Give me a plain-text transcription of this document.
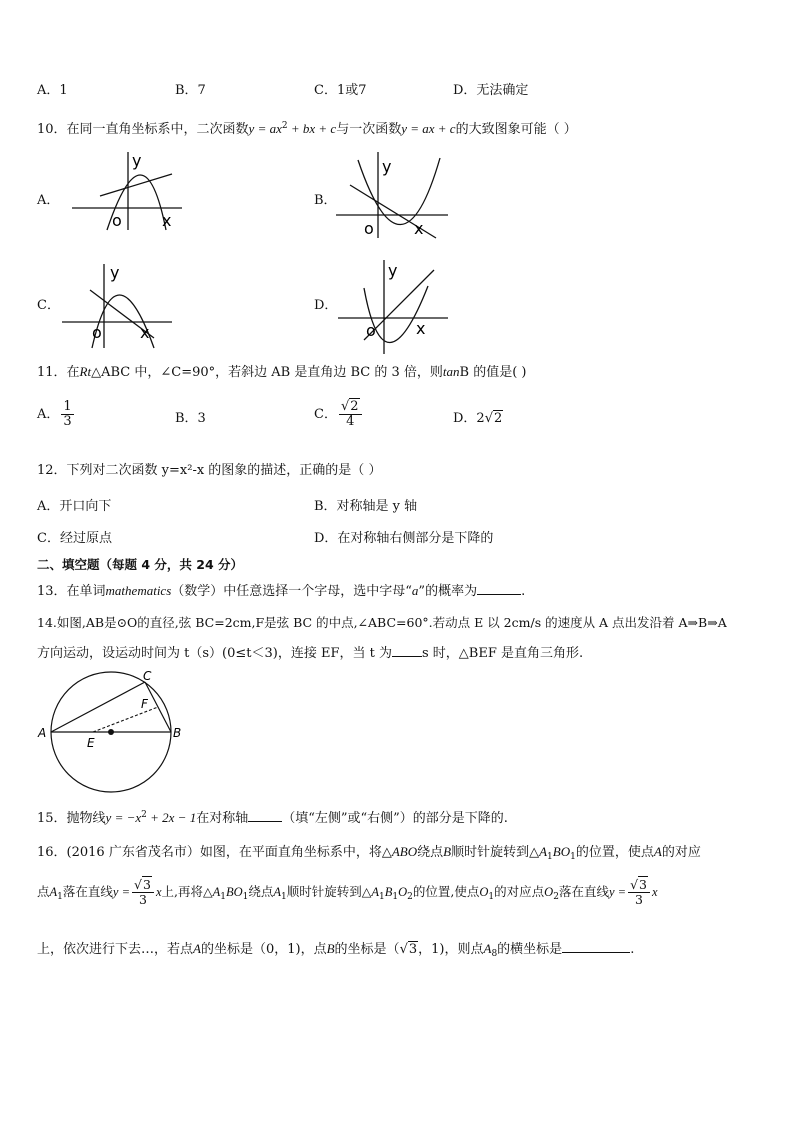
A．1	B．7	C．1或7	D．无法确定
10．在同一直角坐标系中，二次函数$y = ax^2$ + bx + c与一次函数y = ax + c的大致图象可能（ ）
A．	B．
C．	D．
y
o	x
y
o	x
y
o x
y
o	x
11．在Rt△ABC 中，∠C=90°，若斜边 AB 是直角边 BC 的 3 倍，则tanB 的值是( )
A． $\frac{1}{3}$	B．3	C． $\frac{√2}{4}$	D．2√2
12．下列对二次函数 y=x²-x 的图象的描述，正确的是（ ）
A．开口向下	B．对称轴是 y 轴
C．经过原点	D．在对称轴右侧部分是下降的
二、填空题（每题 4 分，共 24 分）
13．在单词mathematics（数学）中任意选择一个字母，选中字母“a”的概率为	.
14.如图,AB是⊙O的直径,弦 BC=2cm,F是弦 BC 的中点,∠ABC=60°.若动点 E 以 2cm/s 的速度从 A 点出发沿着 A⇒B⇒A
方向运动，设运动时间为 t（s）(0≤t＜3)，连接 EF，当 t 为 s 时，△BEF 是直角三角形.
A	B
C
E
F
15．抛物线$y = -x^2 + 2x - 1$在对称轴	（填“左侧”或“右侧”）的部分是下降的.
16．(2016 广东省茂名市）如图，在平面直角坐标系中，将△ABO绕点B顺时针旋转到$\triangle A_1BO_1$的位置，使点A的对应
点$A_1$落在直线$y = \frac{√3}{3}$ x上,再将$\triangle A_1BO_1$绕点$A_1$顺时针旋转到$\triangle A_1B_1O_2$的位置,使点$O_1$的对应点$O_2$落在直线$y = \frac{√3}{3}$ x
上，依次进行下去…，若点A的坐标是（0，1)，点B的坐标是（√3，1)，则点$A_8$的横坐标是	.
